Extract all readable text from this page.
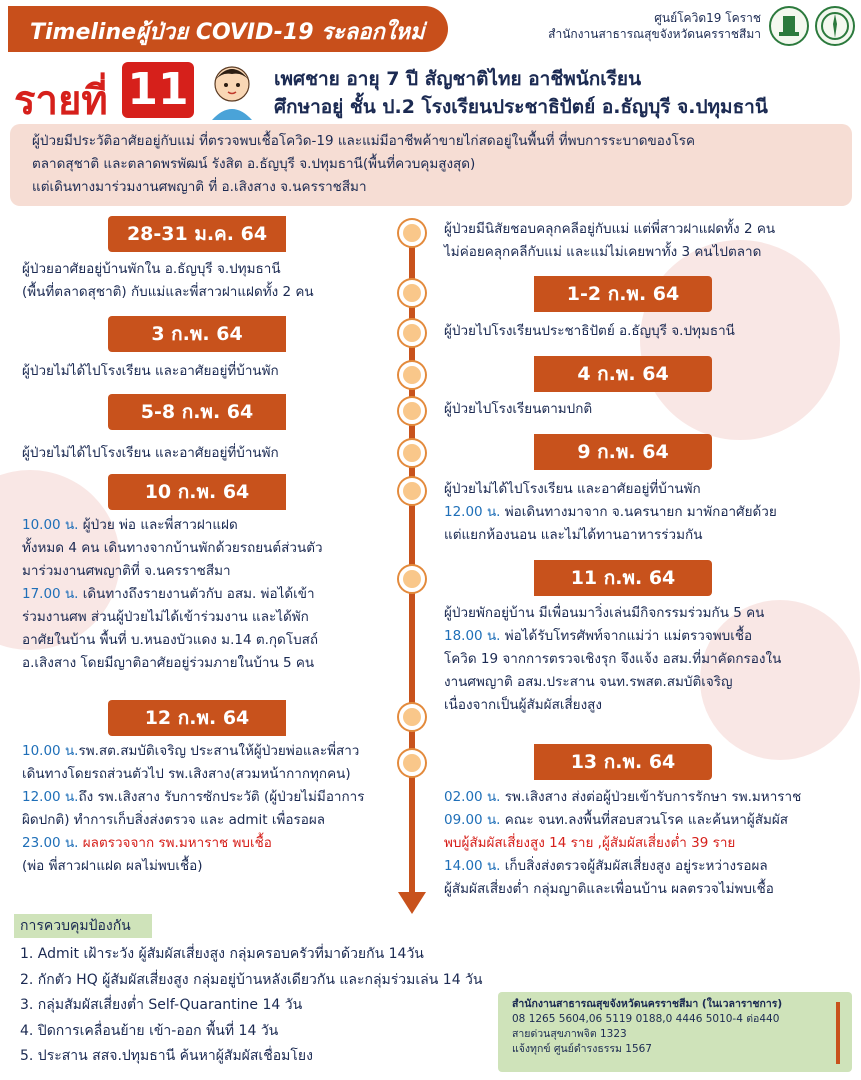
Timelineผู้ป่วย COVID-19 ระลอกใหม่
ศูนย์โควิด19 โคราช
สำนักงานสาธารณสุขจังหวัดนครราชสีมา
รายที่ 11	เพศชาย อายุ 7 ปี สัญชาติไทย อาชีพนักเรียน
ศึกษาอยู่ ชั้น ป.2 โรงเรียนประชาธิปัตย์ อ.ธัญบุรี จ.ปทุมธานี
ผู้ป่วยมีประวัติอาศัยอยู่กับแม่ ที่ตรวจพบเชื้อโควิด-19 และแม่มีอาชีพค้าขายไก่สดอยู่ในพื้นที่ ที่พบการระบาดของโรค
ตลาดสุชาติ และตลาดพรพัฒน์ รังสิต อ.ธัญบุรี จ.ปทุมธานี(พื้นที่ควบคุมสูงสุด)
แต่เดินทางมาร่วมงานศพญาติ ที่ อ.เสิงสาง จ.นครราชสีมา
28-31 ม.ค. 64
1-2 ก.พ. 64
3 ก.พ. 64
4 ก.พ. 64
5-8 ก.พ. 64
9 ก.พ. 64
10 ก.พ. 64
11 ก.พ. 64
12 ก.พ. 64
13 ก.พ. 64
ผู้ป่วยมีนิสัยชอบคลุกคลีอยู่กับแม่ แต่พี่สาวฝาแฝดทั้ง 2 คน
ไม่ค่อยคลุกคลีกับแม่ และแม่ไม่เคยพาทั้ง 3 คนไปตลาด
ผู้ป่วยอาศัยอยู่บ้านพักใน อ.ธัญบุรี จ.ปทุมธานี
(พื้นที่ตลาดสุชาติ) กับแม่และพี่สาวฝาแฝดทั้ง 2 คน
ผู้ป่วยไปโรงเรียนประชาธิปัตย์ อ.ธัญบุรี จ.ปทุมธานี
ผู้ป่วยไม่ได้ไปโรงเรียน และอาศัยอยู่ที่บ้านพัก
ผู้ป่วยไปโรงเรียนตามปกติ
ผู้ป่วยไม่ได้ไปโรงเรียน และอาศัยอยู่ที่บ้านพัก
ผู้ป่วยไม่ได้ไปโรงเรียน และอาศัยอยู่ที่บ้านพัก
12.00 น. พ่อเดินทางมาจาก จ.นครนายก มาพักอาศัยด้วย
แต่แยกห้องนอน และไม่ได้ทานอาหารร่วมกัน
10.00 น. ผู้ป่วย พ่อ และพี่สาวฝาแฝด
ทั้งหมด 4 คน เดินทางจากบ้านพักด้วยรถยนต์ส่วนตัว
มาร่วมงานศพญาติที่ จ.นครราชสีมา
17.00 น. เดินทางถึงรายงานตัวกับ อสม. พ่อได้เข้า
ร่วมงานศพ ส่วนผู้ป่วยไม่ได้เข้าร่วมงาน และได้พัก
อาศัยในบ้าน พื้นที่ บ.หนองบัวแดง ม.14 ต.กุดโบสถ์
อ.เสิงสาง โดยมีญาติอาศัยอยู่ร่วมภายในบ้าน 5 คน
ผู้ป่วยพักอยู่บ้าน มีเพื่อนมาวิ่งเล่นมีกิจกรรมร่วมกัน 5 คน
18.00 น. พ่อได้รับโทรศัพท์จากแม่ว่า แม่ตรวจพบเชื้อ
โควิด 19 จากการตรวจเชิงรุก จึงแจ้ง อสม.ที่มาคัดกรองใน
งานศพญาติ อสม.ประสาน จนท.รพสต.สมบัติเจริญ
เนื่องจากเป็นผู้สัมผัสเสี่ยงสูง
10.00 น.รพ.สต.สมบัติเจริญ ประสานให้ผู้ป่วยพ่อและพี่สาว
เดินทางโดยรถส่วนตัวไป รพ.เสิงสาง(สวมหน้ากากทุกคน)
12.00 น.ถึง รพ.เสิงสาง รับการซักประวัติ (ผู้ป่วยไม่มีอาการ
ผิดปกติ) ทำการเก็บสิ่งส่งตรวจ และ admit เพื่อรอผล
23.00 น. ผลตรวจจาก รพ.มหาราช พบเชื้อ
(พ่อ พี่สาวฝาแฝด ผลไม่พบเชื้อ)
02.00 น. รพ.เสิงสาง ส่งต่อผู้ป่วยเข้ารับการรักษา รพ.มหาราช
09.00 น. คณะ จนท.ลงพื้นที่สอบสวนโรค และค้นหาผู้สัมผัส
พบผู้สัมผัสเสี่ยงสูง 14 ราย ,ผู้สัมผัสเสี่ยงต่ำ 39 ราย
14.00 น. เก็บสิ่งส่งตรวจผู้สัมผัสเสี่ยงสูง อยู่ระหว่างรอผล
ผู้สัมผัสเสี่ยงต่ำ กลุ่มญาติและเพื่อนบ้าน ผลตรวจไม่พบเชื้อ
การควบคุมป้องกัน
1. Admit เฝ้าระวัง ผู้สัมผัสเสี่ยงสูง กลุ่มครอบครัวที่มาด้วยกัน 14วัน
2. กักตัว HQ ผู้สัมผัสเสี่ยงสูง กลุ่มอยู่บ้านหลังเดียวกัน และกลุ่มร่วมเล่น 14 วัน
3. กลุ่มสัมผัสเสี่ยงต่ำ Self-Quarantine 14 วัน
4. ปิดการเคลื่อนย้าย เข้า-ออก พื้นที่ 14 วัน
5. ประสาน สสจ.ปทุมธานี ค้นหาผู้สัมผัสเชื่อมโยง
สำนักงานสาธารณสุขจังหวัดนครราชสีมา (ในเวลาราชการ)
08 1265 5604,06 5119 0188,0 4446 5010-4 ต่อ440
สายด่วนสุขภาพจิต 1323
แจ้งทุกข์ ศูนย์ดำรงธรรม 1567
